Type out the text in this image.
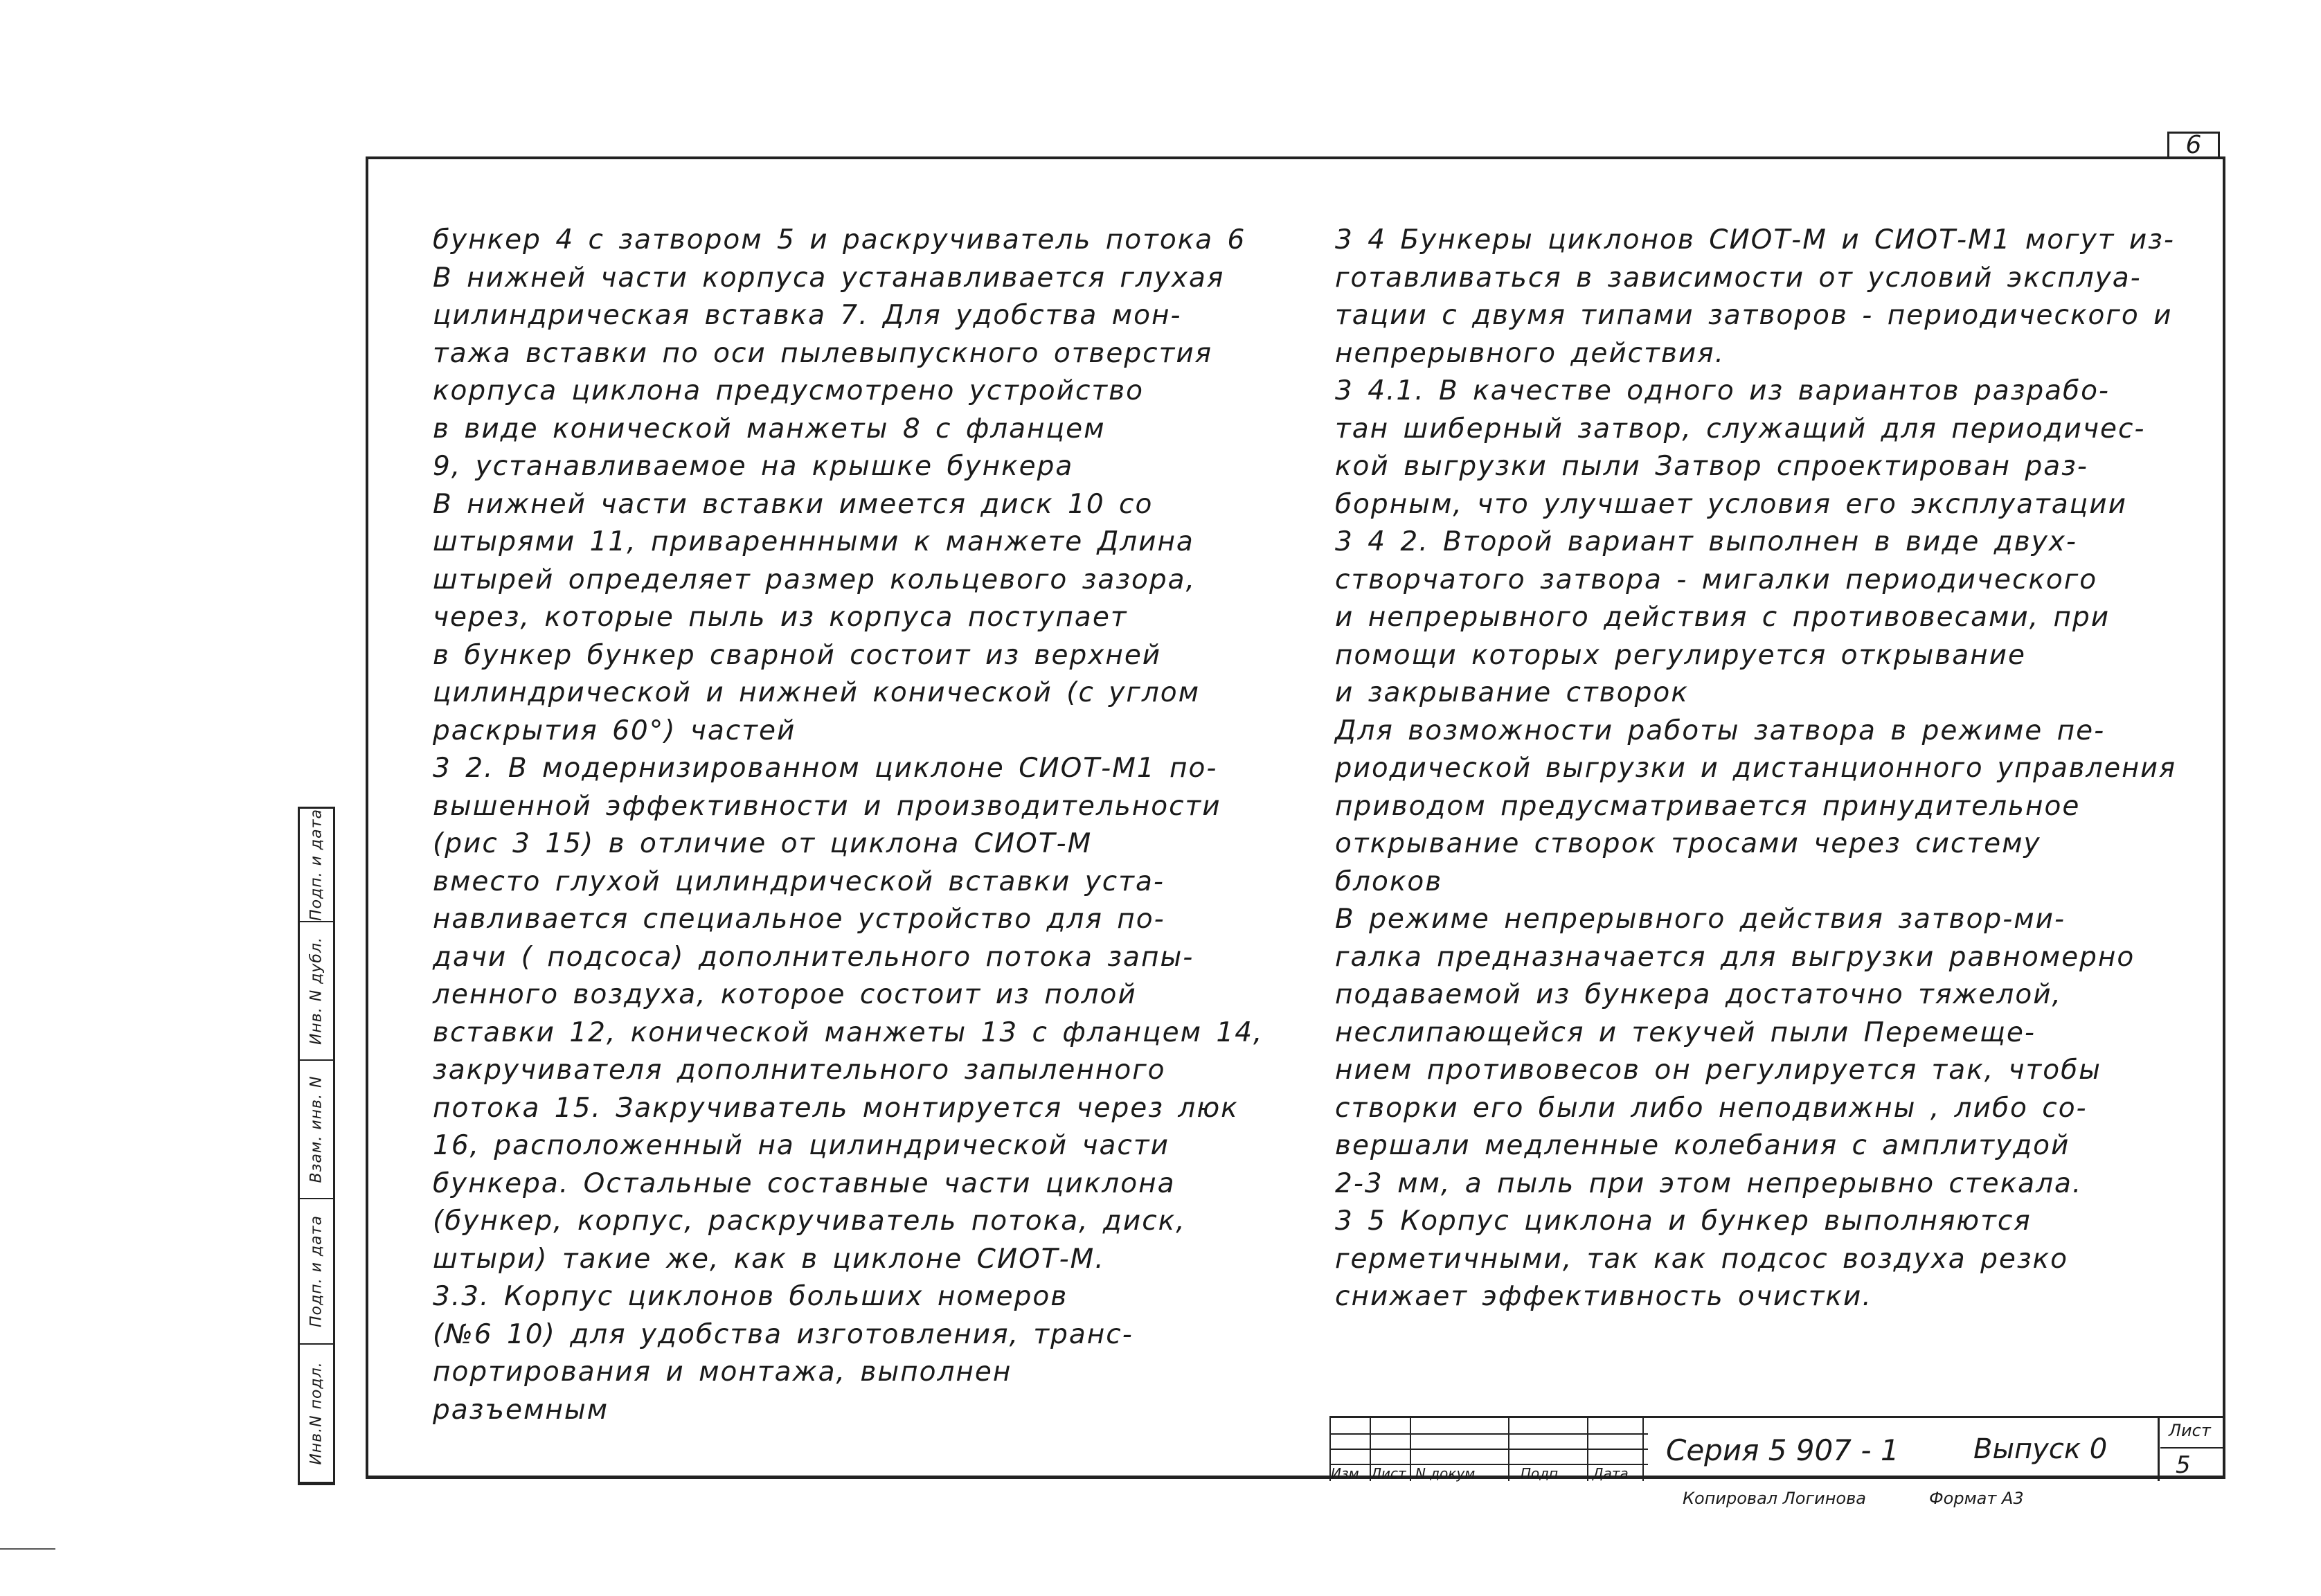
6
бункер 4 с затвором 5 и раскручиватель потока 6
В нижней части корпуса устанавливается глухая
цилиндрическая вставка 7. Для удобства мон-
тажа вставки по оси пылевыпускного отверстия
корпуса циклона предусмотрено устройство
в виде конической манжеты 8 с фланцем
9, устанавливаемое на крышке бункера
В нижней части вставки имеется диск 10 со
штырями 11, привареннными к манжете Длина
штырей определяет размер кольцевого зазора,
через, которые пыль из корпуса поступает
в бункер бункер сварной состоит из верхней
цилиндрической и нижней конической (с углом
раскрытия 60°) частей
3 2. В модернизированном циклоне СИОТ-М1 по-
вышенной эффективности и производительности
(рис 3 15) в отличие от циклона СИОТ-М
вместо глухой цилиндрической вставки уста-
навливается специальное устройство для по-
дачи ( подсоса) дополнительного потока запы-
ленного воздуха, которое состоит из полой
вставки 12, конической манжеты 13 с фланцем 14,
закручивателя дополнительного запыленного
потока 15. Закручиватель монтируется через люк
16, расположенный на цилиндрической части
бункера. Остальные составные части циклона
(бункер, корпус, раскручиватель потока, диск,
штыри) такие же, как в циклоне СИОТ-М.
3.3. Корпус циклонов больших номеров
(№6 10) для удобства изготовления, транс-
портирования и монтажа, выполнен
разъемным
3 4 Бункеры циклонов СИОТ-М и СИОТ-М1 могут из-
готавливаться в зависимости от условий эксплуа-
тации с двумя типами затворов - периодического и
непрерывного действия.
3 4.1. В качестве одного из вариантов разрабо-
тан шиберный затвор, служащий для периодичес-
кой выгрузки пыли Затвор спроектирован раз-
борным, что улучшает условия его эксплуатации
3 4 2. Второй вариант выполнен в виде двух-
створчатого затвора - мигалки периодического
и непрерывного действия с противовесами, при
помощи которых регулируется открывание
и закрывание створок
Для возможности работы затвора в режиме пе-
риодической выгрузки и дистанционного управления
приводом предусматривается принудительное
открывание створок тросами через систему
блоков
В режиме непрерывного действия затвор-ми-
галка предназначается для выгрузки равномерно
подаваемой из бункера достаточно тяжелой,
неслипающейся и текучей пыли Перемеще-
нием противовесов он регулируется так, чтобы
створки его были либо неподвижны , либо со-
вершали медленные колебания с амплитудой
2-3 мм, а пыль при этом непрерывно стекала.
3 5 Корпус циклона и бункер выполняются
герметичными, так как подсос воздуха резко
снижает эффективность очистки.
Инв.N подл.
Подп. и дата
Взам. инв. N
Инв. N дубл.
Подп. и дата
Изм Лист N докум	Подп Дата
Серия 5 907 - 1	Выпуск 0
Лист
5
Копировал Логинова	Формат А3
